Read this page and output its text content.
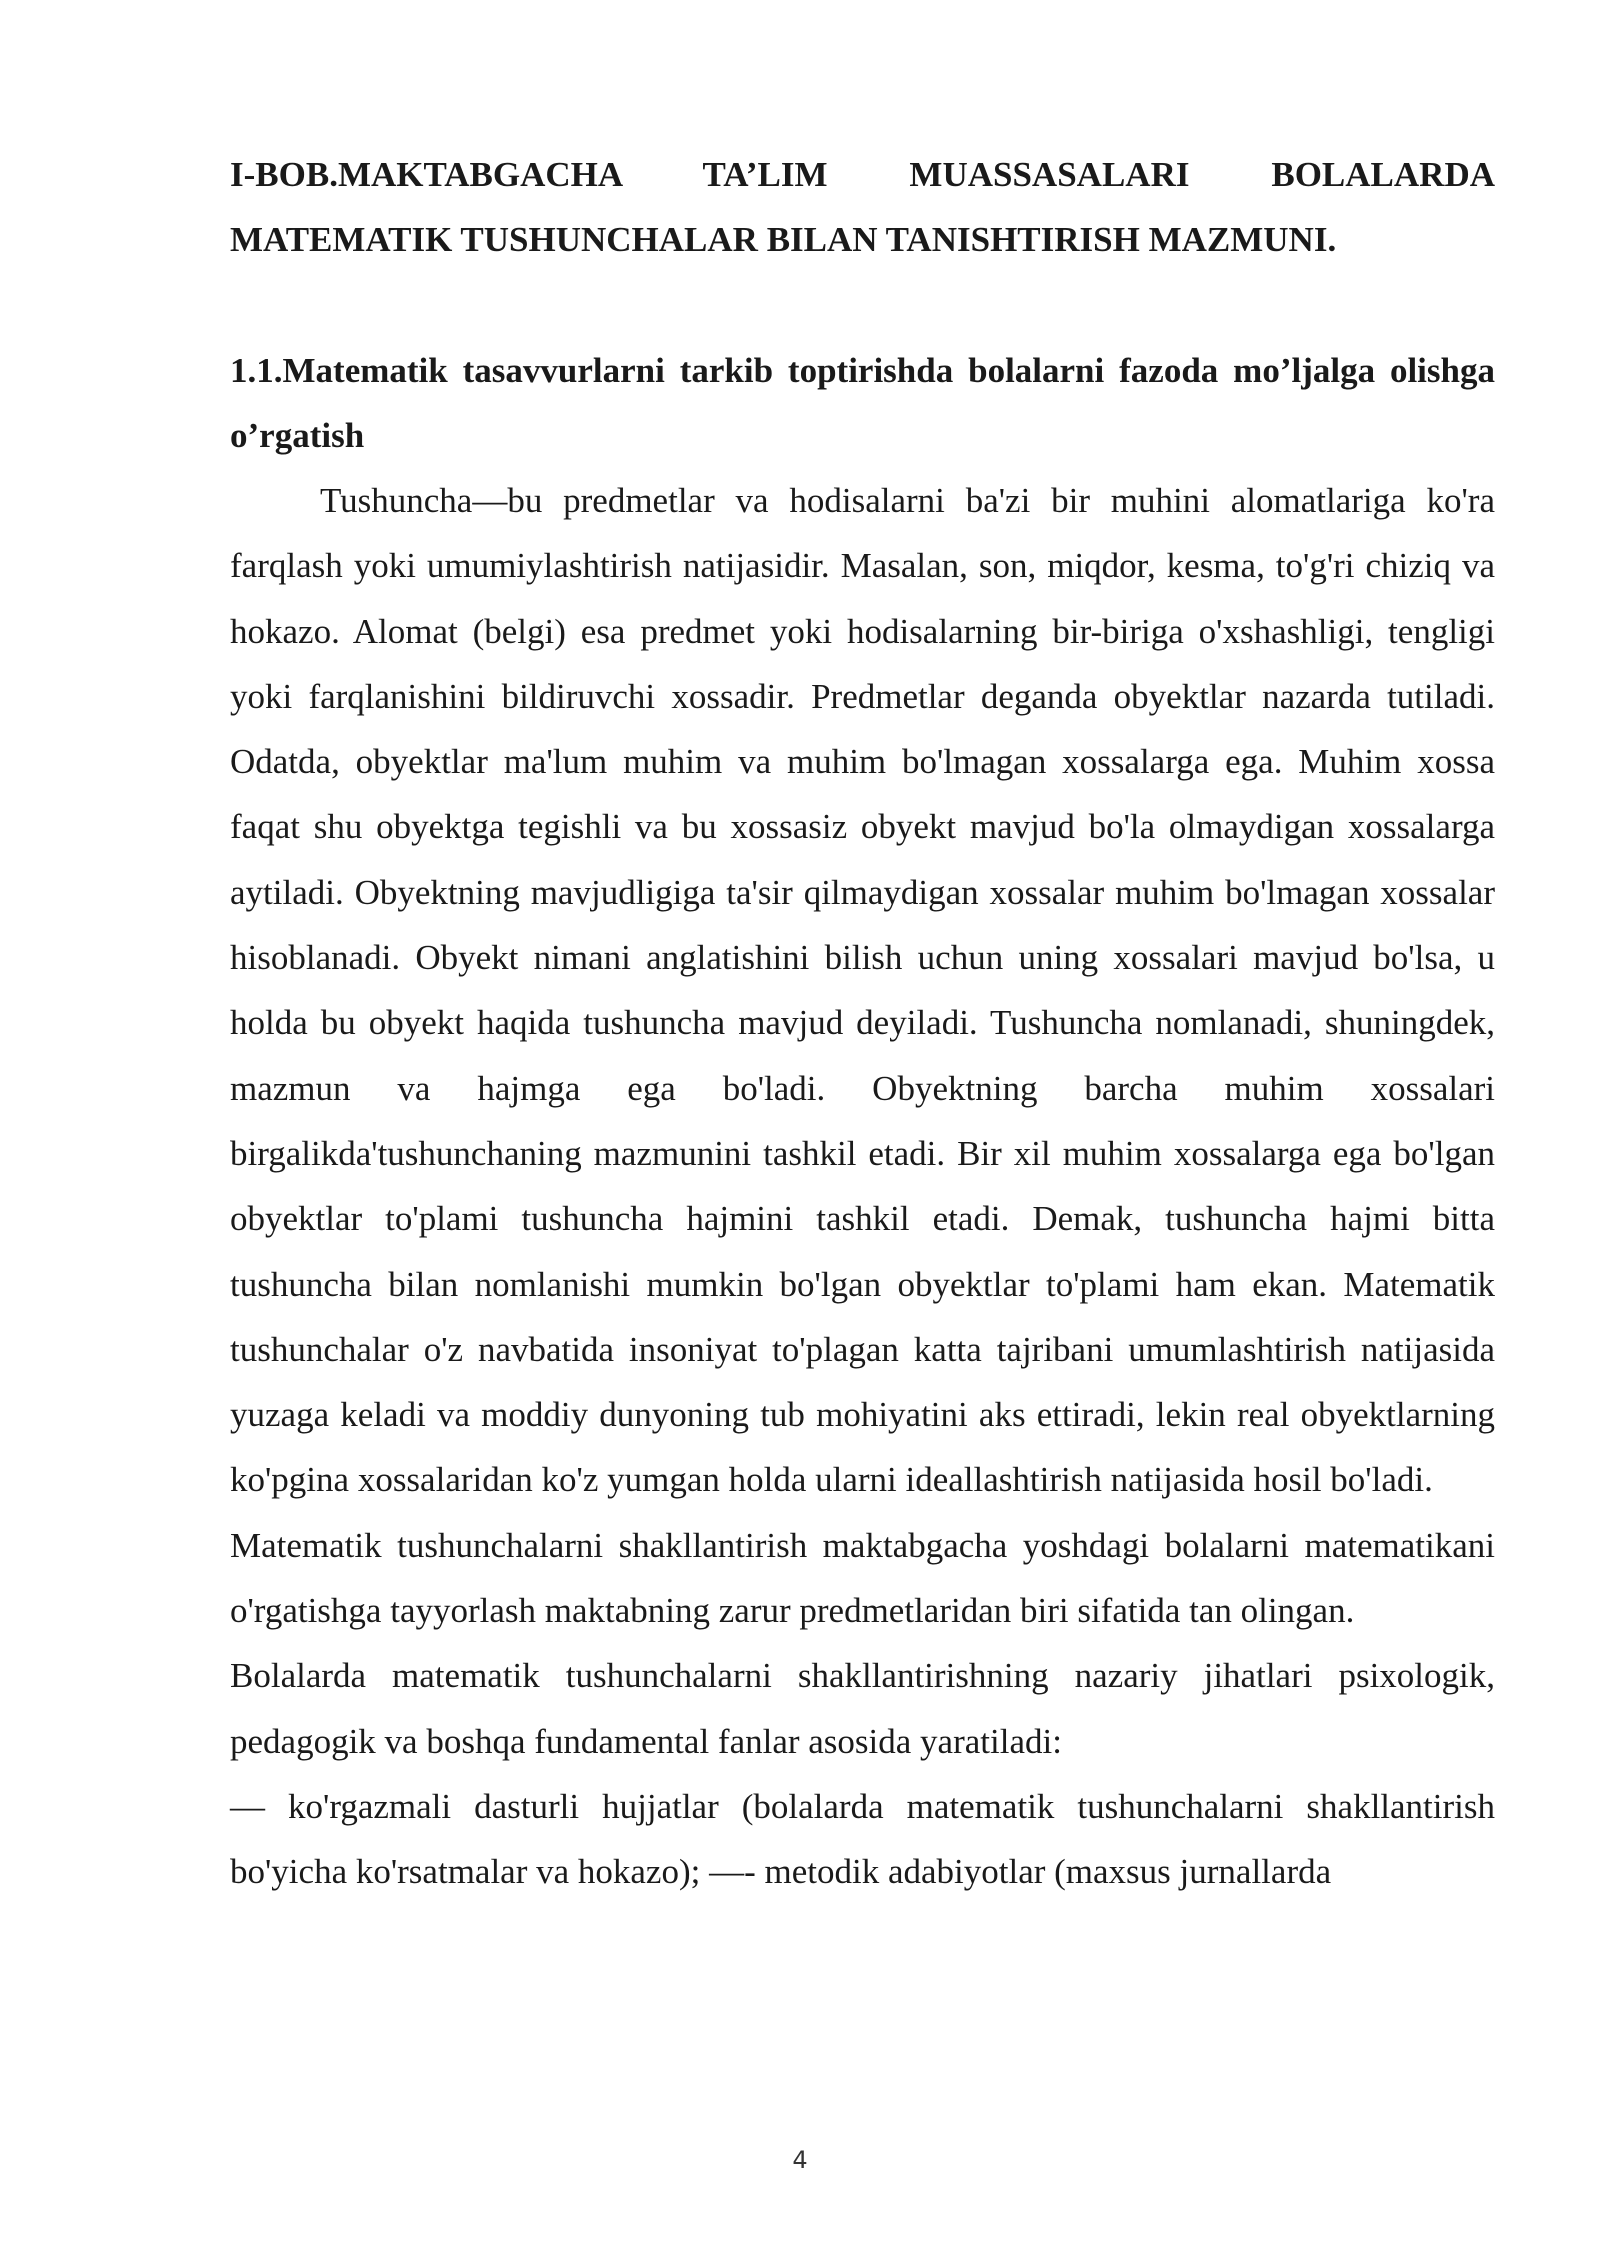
I-BOB.MAKTABGACHA TA’LIM MUASSASALARI BOLALARDA
MATEMATIK TUSHUNCHALAR BILAN TANISHTIRISH MAZMUNI.
1.1.Matematik tasavvurlarni tarkib toptirishda bolalarni fazoda mo’ljalga olishga o’rgatish

Tushuncha—bu predmetlar va hodisalarni ba'zi bir muhini alomatlariga ko'ra farqlash yoki umumiylashtirish natijasidir. Masalan, son, miqdor, kesma, to'g'ri chiziq va hokazo. Alomat (belgi) esa predmet yoki hodisalarning bir-biriga o'xshashligi, tengligi yoki farqlanishini bildiruvchi xossadir. Predmetlar deganda obyektlar nazarda tutiladi. Odatda, obyektlar ma'lum muhim va muhim bo'lmagan xossalarga ega. Muhim xossa faqat shu obyektga tegishli va bu xossasiz obyekt mavjud bo'la olmaydigan xossalarga aytiladi. Obyektning mavjudligiga ta'sir qilmaydigan xossalar muhim bo'lmagan xossalar hisoblanadi. Obyekt nimani anglatishini bilish uchun uning xossalari mavjud bo'lsa, u holda bu obyekt haqida tushuncha mavjud deyiladi. Tushuncha nomlanadi, shuningdek, mazmun va hajmga ega bo'ladi. Obyektning barcha muhim xossalari birgalikda'tushunchaning mazmunini tashkil etadi. Bir xil muhim xossalarga ega bo'lgan obyektlar to'plami tushuncha hajmini tashkil etadi. Demak, tushuncha hajmi bitta tushuncha bilan nomlanishi mumkin bo'lgan obyektlar to'plami ham ekan. Matematik tushunchalar o'z navbatida insoniyat to'plagan katta tajribani umumlashtirish natijasida yuzaga keladi va moddiy dunyoning tub mohiyatini aks ettiradi, lekin real obyektlarning ko'pgina xossalaridan ko'z yumgan holda ularni ideallashtirish natijasida hosil bo'ladi.

Matematik tushunchalarni shakllantirish maktabgacha yoshdagi bolalarni matematikani o'rgatishga tayyorlash maktabning zarur predmetlaridan biri sifatida tan olingan.

Bolalarda matematik tushunchalarni shakllantirishning nazariy jihatlari psixologik, pedagogik va boshqa fundamental fanlar asosida yaratiladi:

— ko'rgazmali dasturli hujjatlar (bolalarda matematik tushunchalarni shakllantirish bo'yicha ko'rsatmalar va hokazo); —- metodik adabiyotlar (maxsus jurnallarda

4
